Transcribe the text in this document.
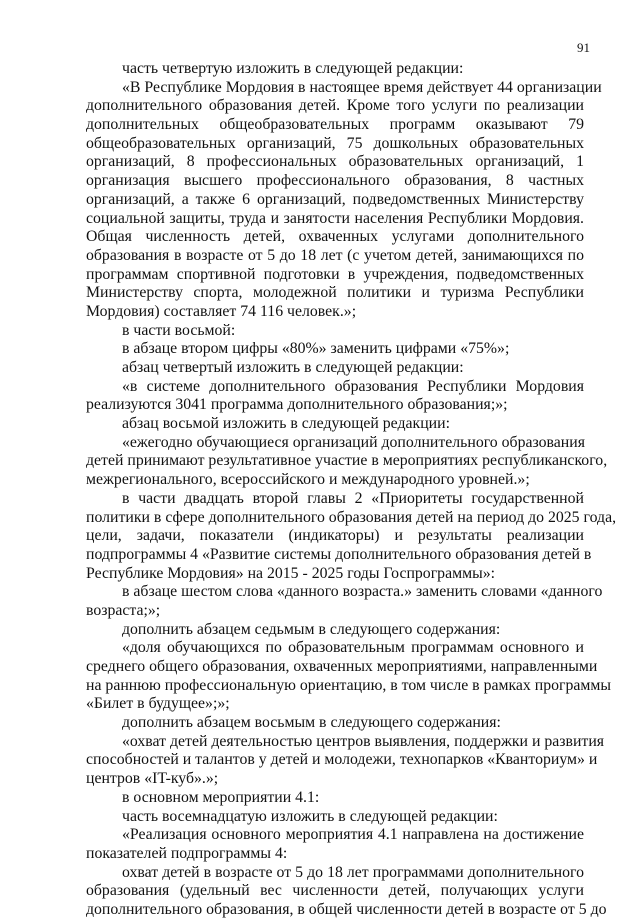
91
часть четвертую изложить в следующей редакции:
«В Республике Мордовия в настоящее время действует 44 организации
дополнительного образования детей. Кроме того услуги по реализации
дополнительных общеобразовательных программ оказывают 79
общеобразовательных организаций, 75 дошкольных образовательных
организаций, 8 профессиональных образовательных организаций, 1
организация высшего профессионального образования, 8 частных
организаций, а также 6 организаций, подведомственных Министерству
социальной защиты, труда и занятости населения Республики Мордовия.
Общая численность детей, охваченных услугами дополнительного
образования в возрасте от 5 до 18 лет (с учетом детей, занимающихся по
программам спортивной подготовки в учреждения, подведомственных
Министерству спорта, молодежной политики и туризма Республики
Мордовия) составляет 74 116 человек.»;
в части восьмой:
в абзаце втором цифры «80%» заменить цифрами «75%»;
абзац четвертый изложить в следующей редакции:
«в системе дополнительного образования Республики Мордовия
реализуются 3041 программа дополнительного образования;»;
абзац восьмой изложить в следующей редакции:
«ежегодно обучающиеся организаций дополнительного образования
детей принимают результативное участие в мероприятиях республиканского,
межрегионального, всероссийского и международного уровней.»;
в части двадцать второй главы 2 «Приоритеты государственной
политики в сфере дополнительного образования детей на период до 2025 года,
цели, задачи, показатели (индикаторы) и результаты реализации
подпрограммы 4 «Развитие системы дополнительного образования детей в
Республике Мордовия» на 2015 - 2025 годы Госпрограммы»:
в абзаце шестом слова «данного возраста.» заменить словами «данного
возраста;»;
дополнить абзацем седьмым в следующего содержания:
«доля обучающихся по образовательным программам основного и
среднего общего образования, охваченных мероприятиями, направленными
на раннюю профессиональную ориентацию, в том числе в рамках программы
«Билет в будущее»;»;
дополнить абзацем восьмым в следующего содержания:
«охват детей деятельностью центров выявления, поддержки и развития
способностей и талантов у детей и молодежи, технопарков «Кванториум» и
центров «IT-куб».»;
в основном мероприятии 4.1:
часть восемнадцатую изложить в следующей редакции:
«Реализация основного мероприятия 4.1 направлена на достижение
показателей подпрограммы 4:
охват детей в возрасте от 5 до 18 лет программами дополнительного
образования (удельный вес численности детей, получающих услуги
дополнительного образования, в общей численности детей в возрасте от 5 до
